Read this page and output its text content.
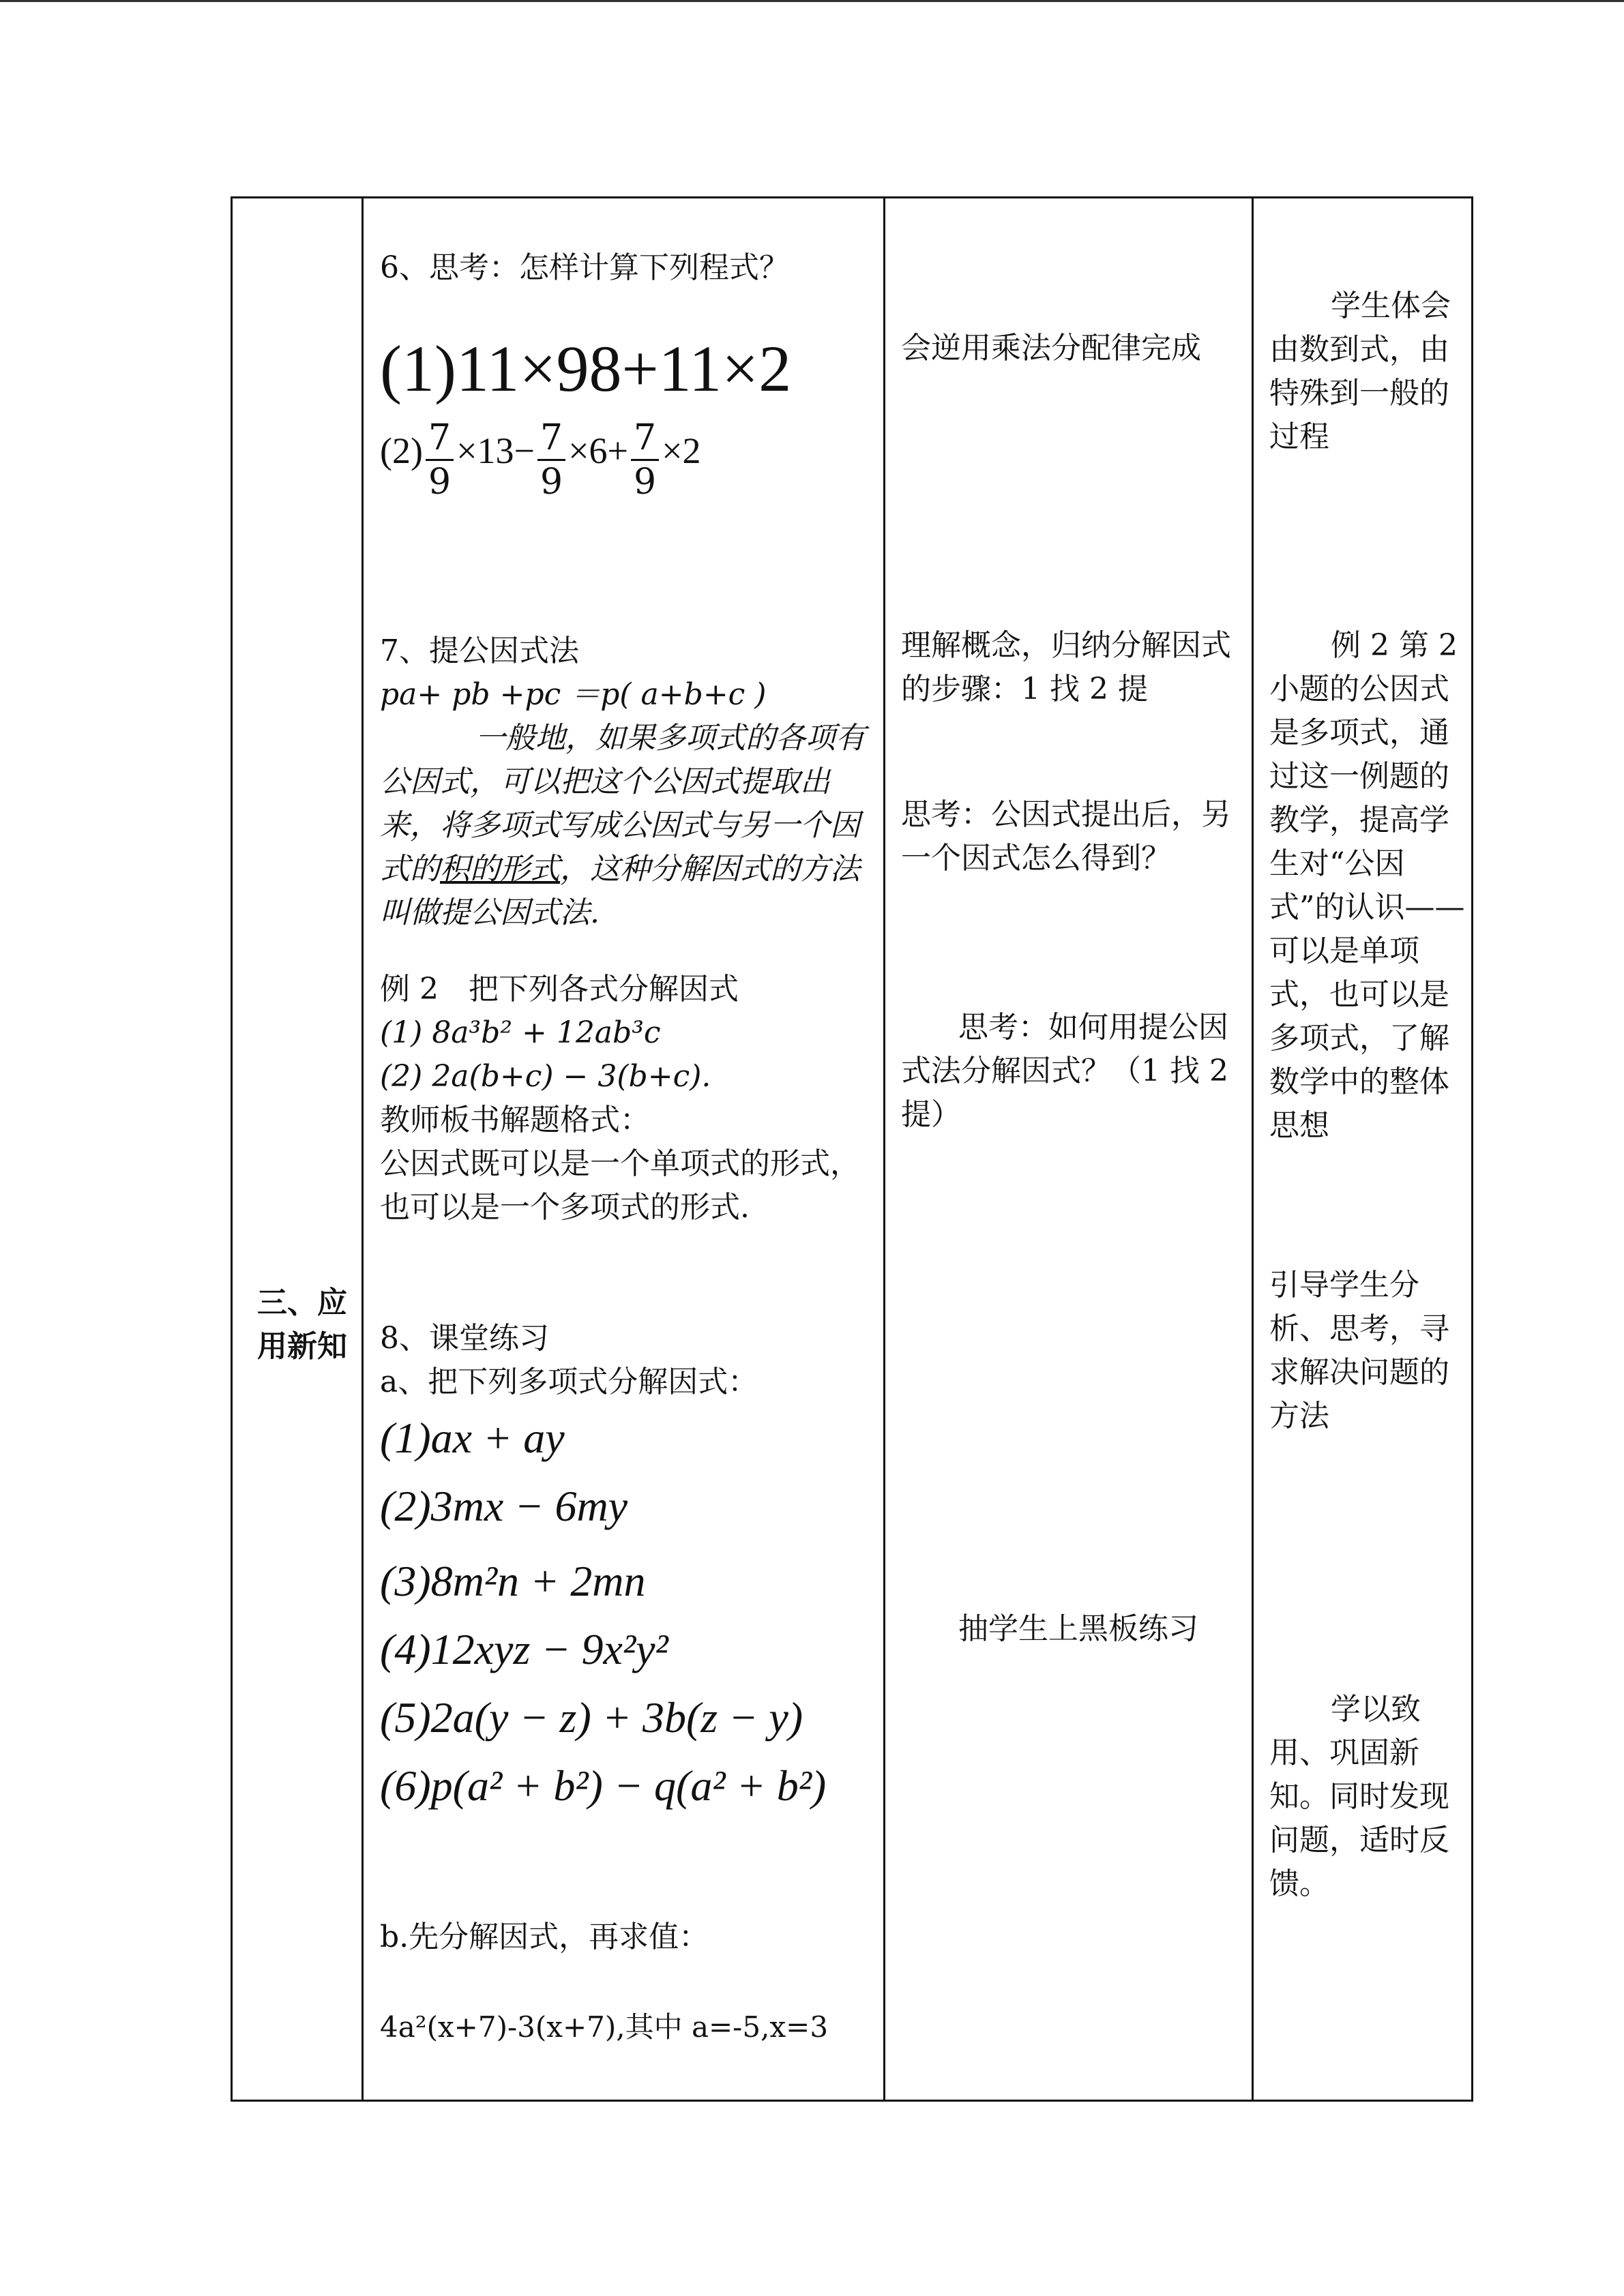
三、应用新知
6、思考：怎样计算下列程式？
(1)11×98+11×2
$(2) \frac{7}{9} \times 13- \frac{7}{9} \times 6+ \frac{7}{9} \times 2$
7、提公因式法
pa+ pb +pc ＝p( a+b+c )
一般地，如果多项式的各项有公因式，可以把这个公因式提取出来，将多项式写成公因式与另一个因式的积的形式，这种分解因式的方法叫做提公因式法.
例 2　把下列各式分解因式
(1) 8a³b² + 12ab³c
(2) 2a(b+c) − 3(b+c).
教师板书解题格式：
公因式既可以是一个单项式的形式，也可以是一个多项式的形式.
8、课堂练习
a、把下列多项式分解因式：
(1)ax + ay
(2)3mx − 6my
(3)8m²n + 2mn
(4)12xyz − 9x²y²
(5)2a(y − z) + 3b(z − y)
(6)p(a² + b²) − q(a² + b²)
b.先分解因式，再求值：
4a²(x+7)-3(x+7),其中 a=-5,x=3
会逆用乘法分配律完成
理解概念，归纳分解因式的步骤：1 找 2 提
思考：公因式提出后，另一个因式怎么得到？
思考：如何用提公因式法分解因式？（1 找 2 提）
抽学生上黑板练习
学生体会由数到式，由特殊到一般的过程
例 2 第 2 小题的公因式是多项式，通过这一例题的教学，提高学生对“公因式”的认识——可以是单项式，也可以是多项式，了解数学中的整体思想
引导学生分析、思考，寻求解决问题的方法
学以致用、巩固新知。同时发现问题，适时反馈。
